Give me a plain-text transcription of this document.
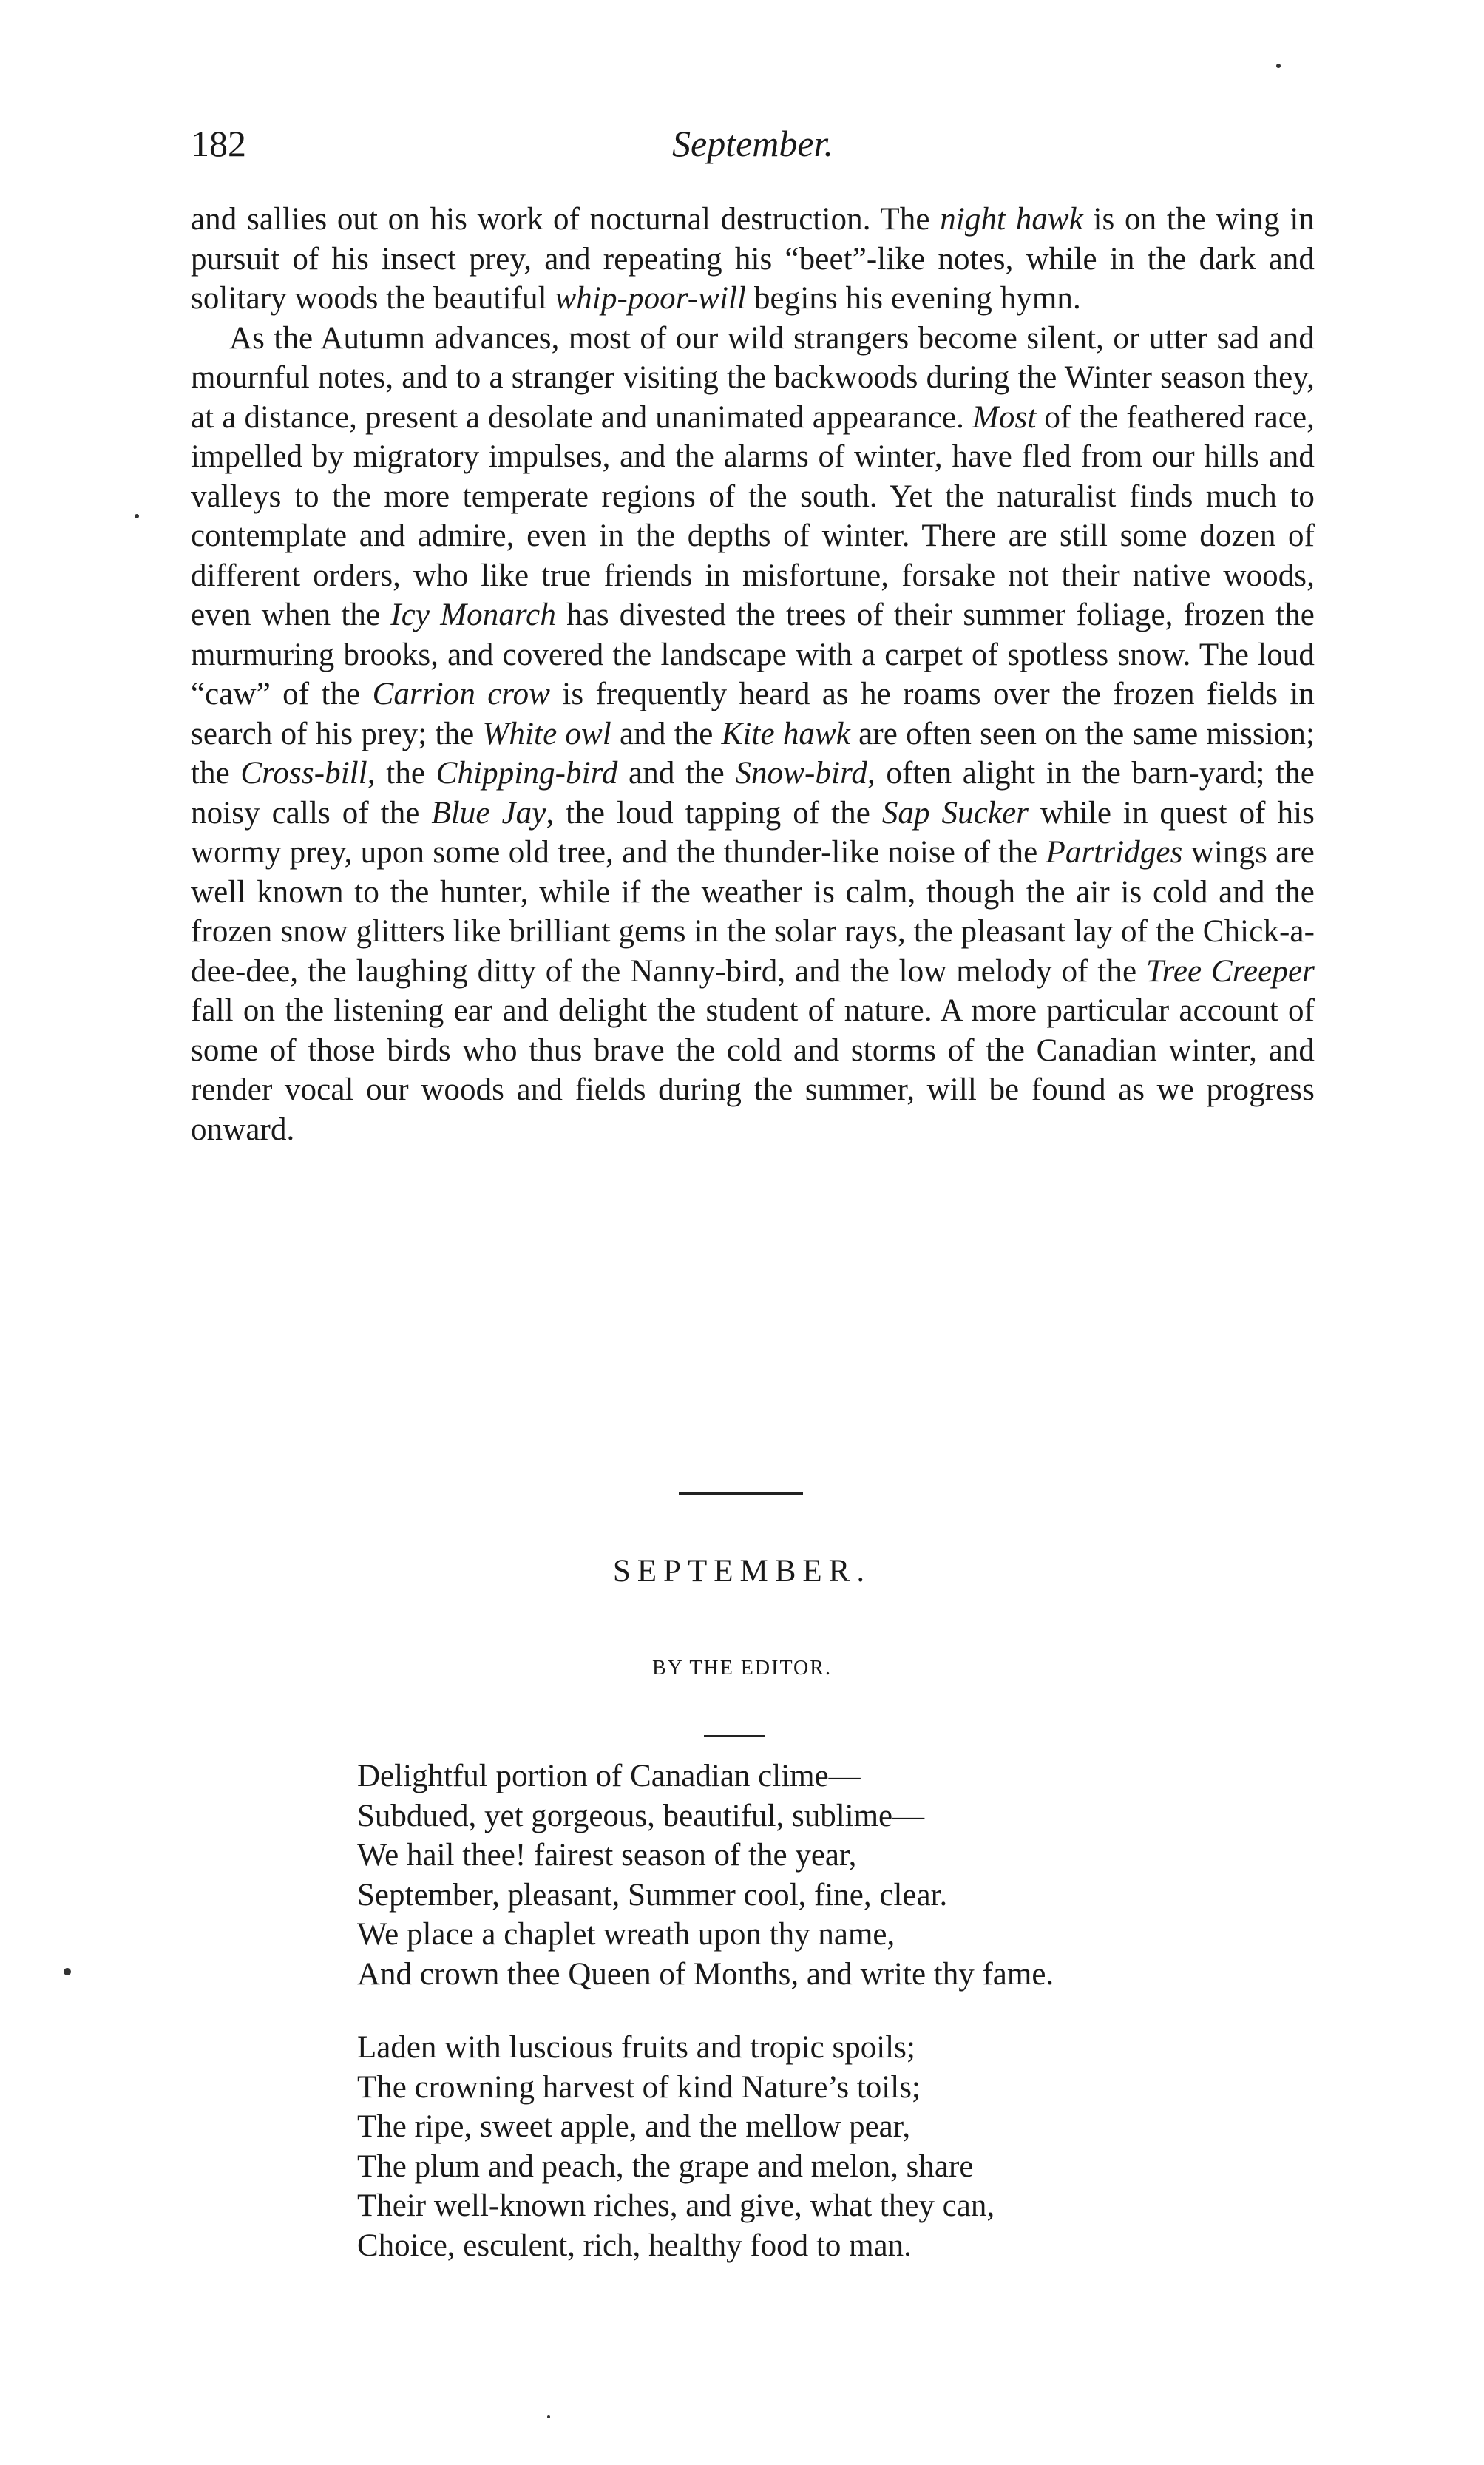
182	September.

and sallies out on his work of nocturnal destruction. The night hawk is on the wing in pursuit of his insect prey, and repeating his “beet”-like notes, while in the dark and solitary woods the beautiful whip-poor-will begins his evening hymn.

As the Autumn advances, most of our wild strangers become silent, or utter sad and mournful notes, and to a stranger visiting the backwoods during the Winter season they, at a distance, present a desolate and unanimated appearance. Most of the feathered race, impelled by migratory impulses, and the alarms of winter, have fled from our hills and valleys to the more temperate regions of the south. Yet the naturalist finds much to contemplate and admire, even in the depths of winter. There are still some dozen of different orders, who like true friends in misfortune, forsake not their native woods, even when the Icy Monarch has divested the trees of their summer foliage, frozen the murmuring brooks, and covered the landscape with a carpet of spotless snow. The loud “caw” of the Carrion crow is frequently heard as he roams over the frozen fields in search of his prey; the White owl and the Kite hawk are often seen on the same mission; the Cross-bill, the Chipping-bird and the Snow-bird, often alight in the barn-yard; the noisy calls of the Blue Jay, the loud tapping of the Sap Sucker while in quest of his wormy prey, upon some old tree, and the thunder-like noise of the Partridges wings are well known to the hunter, while if the weather is calm, though the air is cold and the frozen snow glitters like brilliant gems in the solar rays, the pleasant lay of the Chick-a-dee-dee, the laughing ditty of the Nanny-bird, and the low melody of the Tree Creeper fall on the listening ear and delight the student of nature. A more particular account of some of those birds who thus brave the cold and storms of the Canadian winter, and render vocal our woods and fields during the summer, will be found as we progress onward.

SEPTEMBER.
BY THE EDITOR.
Delightful portion of Canadian clime—
Subdued, yet gorgeous, beautiful, sublime—
We hail thee! fairest season of the year,
September, pleasant, Summer cool, fine, clear.
We place a chaplet wreath upon thy name,
And crown thee Queen of Months, and write thy fame.
Laden with luscious fruits and tropic spoils;
The crowning harvest of kind Nature’s toils;
The ripe, sweet apple, and the mellow pear,
The plum and peach, the grape and melon, share
Their well-known riches, and give, what they can,
Choice, esculent, rich, healthy food to man.
